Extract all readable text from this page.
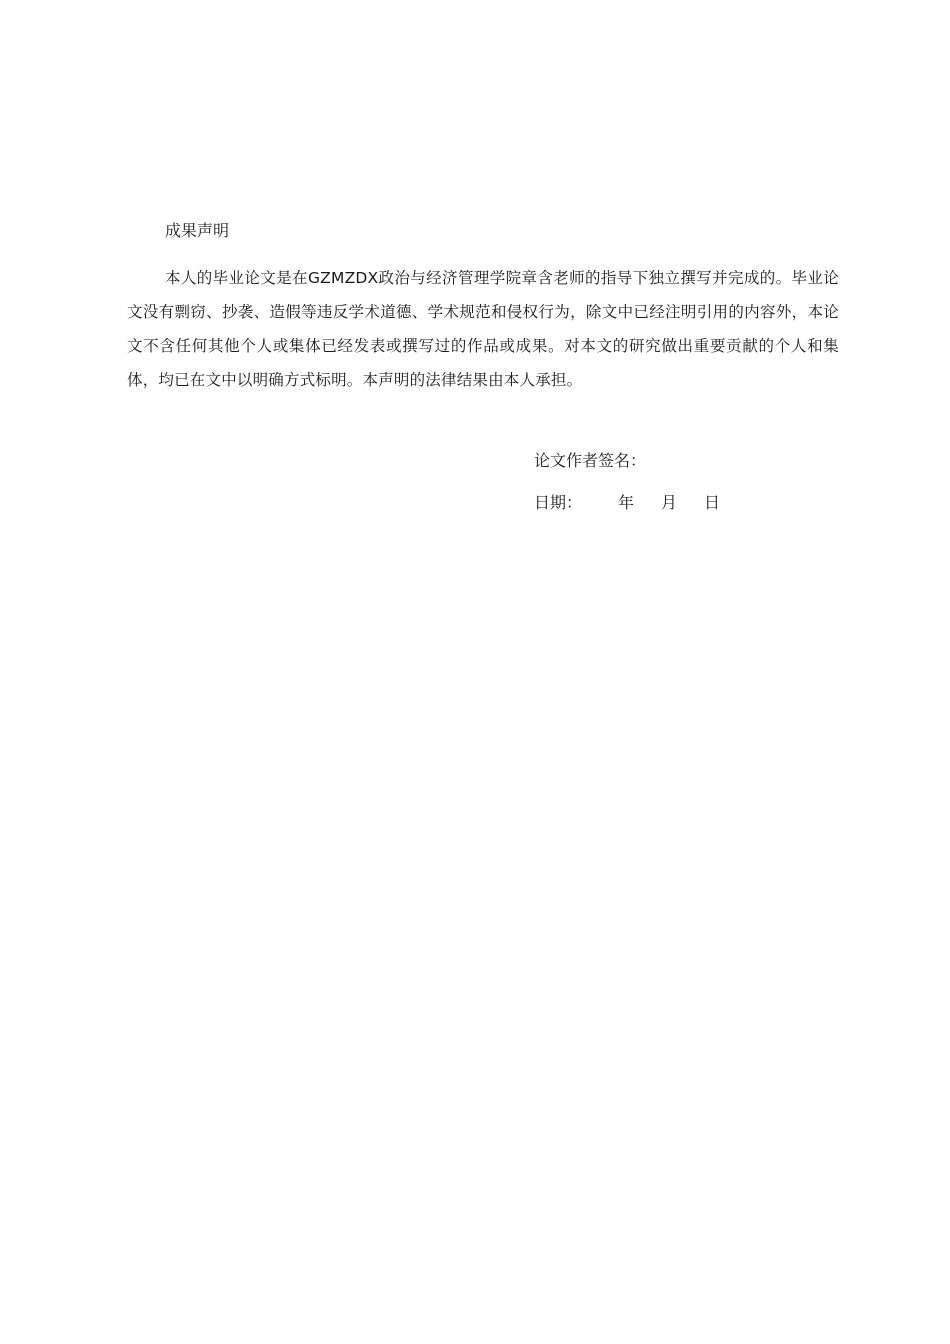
成果声明
本人的毕业论文是在GZMZDX政治与经济管理学院章含老师的指导下独立撰写并完成的。毕业论文没有剽窃、抄袭、造假等违反学术道德、学术规范和侵权行为，除文中已经注明引用的内容外，本论文不含任何其他个人或集体已经发表或撰写过的作品或成果。对本文的研究做出重要贡献的个人和集体，均已在文中以明确方式标明。本声明的法律结果由本人承担。
论文作者签名：
日期： 年 月 日
